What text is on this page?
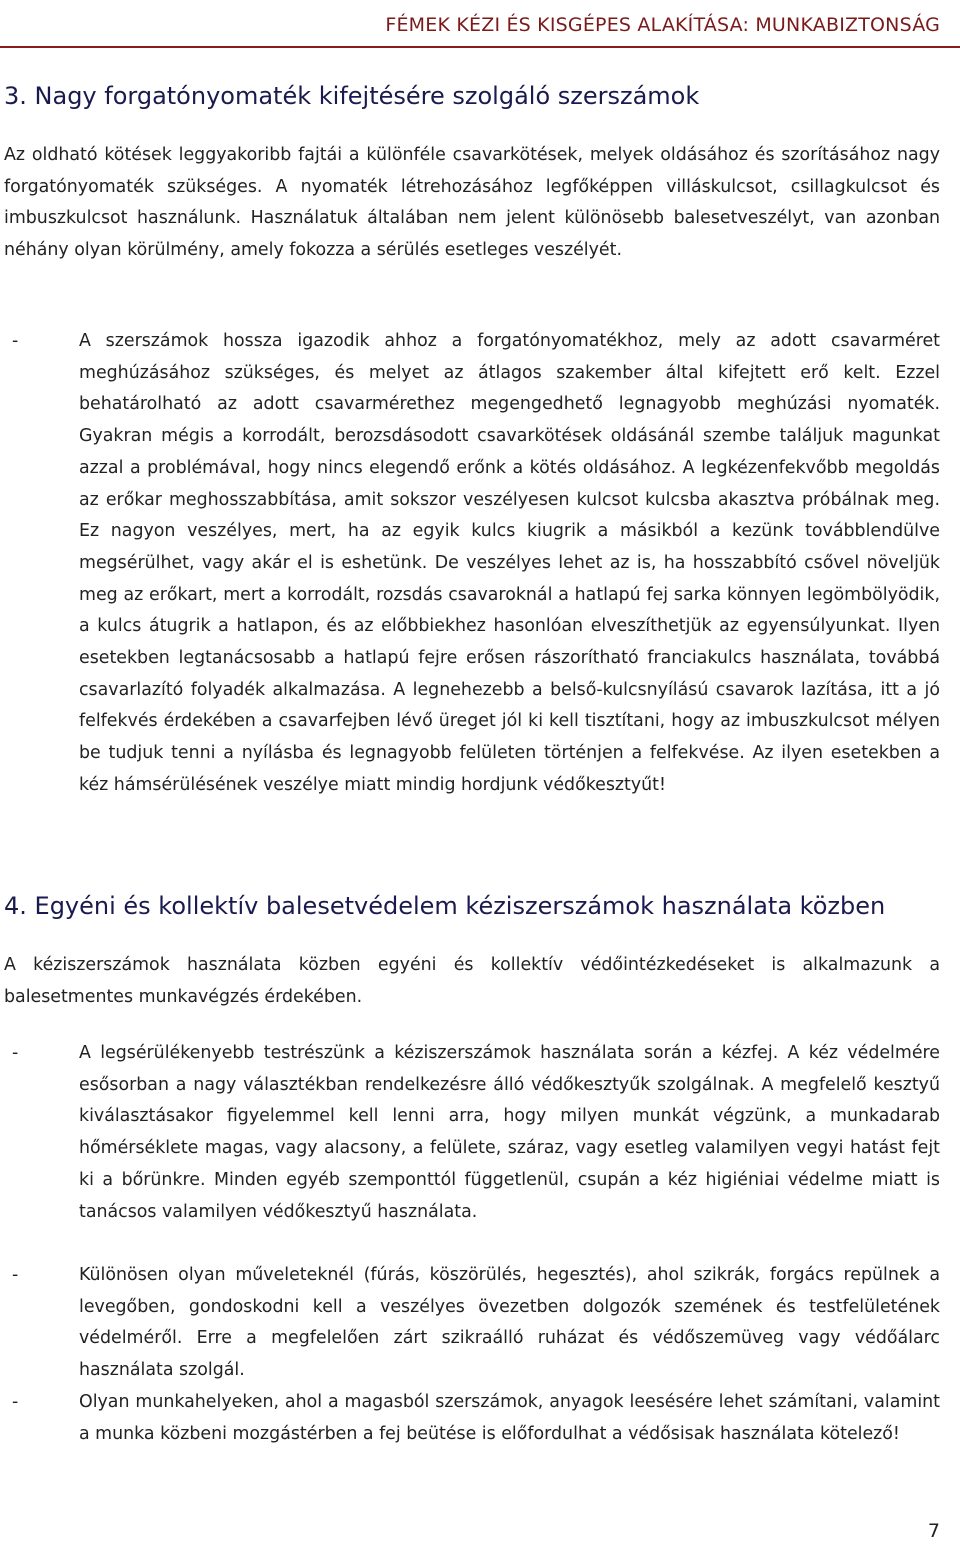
FÉMEK KÉZI ÉS KISGÉPES ALAKÍTÁSA: MUNKABIZTONSÁG
3. Nagy forgatónyomaték kifejtésére szolgáló szerszámok

Az oldható kötések leggyakoribb fajtái a különféle csavarkötések, melyek oldásához és szorításához nagy forgatónyomaték szükséges. A nyomaték létrehozásához legfőképpen villáskulcsot, csillagkulcsot és imbuszkulcsot használunk. Használatuk általában nem jelent különösebb balesetveszélyt, van azonban néhány olyan körülmény, amely fokozza a sérülés esetleges veszélyét.

-	A szerszámok hossza igazodik ahhoz a forgatónyomatékhoz, mely az adott csavarméret meghúzásához szükséges, és melyet az átlagos szakember által kifejtett erő kelt. Ezzel behatárolható az adott csavarmérethez megengedhető legnagyobb meghúzási nyomaték. Gyakran mégis a korrodált, berozsdásodott csavarkötések oldásánál szembe találjuk magunkat azzal a problémával, hogy nincs elegendő erőnk a kötés oldásához. A legkézenfekvőbb megoldás az erőkar meghosszabbítása, amit sokszor veszélyesen kulcsot kulcsba akasztva próbálnak meg. Ez nagyon veszélyes, mert, ha az egyik kulcs kiugrik a másikból a kezünk továbblendülve megsérülhet, vagy akár el is eshetünk. De veszélyes lehet az is, ha hosszabbító csővel növeljük meg az erőkart, mert a korrodált, rozsdás csavaroknál a hatlapú fej sarka könnyen legömbölyödik, a kulcs átugrik a hatlapon, és az előbbiekhez hasonlóan elveszíthetjük az egyensúlyunkat. Ilyen esetekben legtanácsosabb a hatlapú fejre erősen rászorítható franciakulcs használata, továbbá csavarlazító folyadék alkalmazása. A legnehezebb a belső-kulcsnyílású csavarok lazítása, itt a jó felfekvés érdekében a csavarfejben lévő üreget jól ki kell tisztítani, hogy az imbuszkulcsot mélyen be tudjuk tenni a nyílásba és legnagyobb felületen történjen a felfekvése. Az ilyen esetekben a kéz hámsérülésének veszélye miatt mindig hordjunk védőkesztyűt!

4. Egyéni és kollektív balesetvédelem kéziszerszámok használata közben

A kéziszerszámok használata közben egyéni és kollektív védőintézkedéseket is alkalmazunk a balesetmentes munkavégzés érdekében.

-	A legsérülékenyebb testrészünk a kéziszerszámok használata során a kézfej. A kéz védelmére esősorban a nagy választékban rendelkezésre álló védőkesztyűk szolgálnak. A megfelelő kesztyű kiválasztásakor figyelemmel kell lenni arra, hogy milyen munkát végzünk, a munkadarab hőmérséklete magas, vagy alacsony, a felülete, száraz, vagy esetleg valamilyen vegyi hatást fejt ki a bőrünkre. Minden egyéb szemponttól függetlenül, csupán a kéz higiéniai védelme miatt is tanácsos valamilyen védőkesztyű használata.

-	Különösen olyan műveleteknél (fúrás, köszörülés, hegesztés), ahol szikrák, forgács repülnek a levegőben, gondoskodni kell a veszélyes övezetben dolgozók szemének és testfelületének védelméről. Erre a megfelelően zárt szikraálló ruházat és védőszemüveg vagy védőálarc használata szolgál.

-	Olyan munkahelyeken, ahol a magasból szerszámok, anyagok leesésére lehet számítani, valamint a munka közbeni mozgástérben a fej beütése is előfordulhat a védősisak használata kötelező!

7
